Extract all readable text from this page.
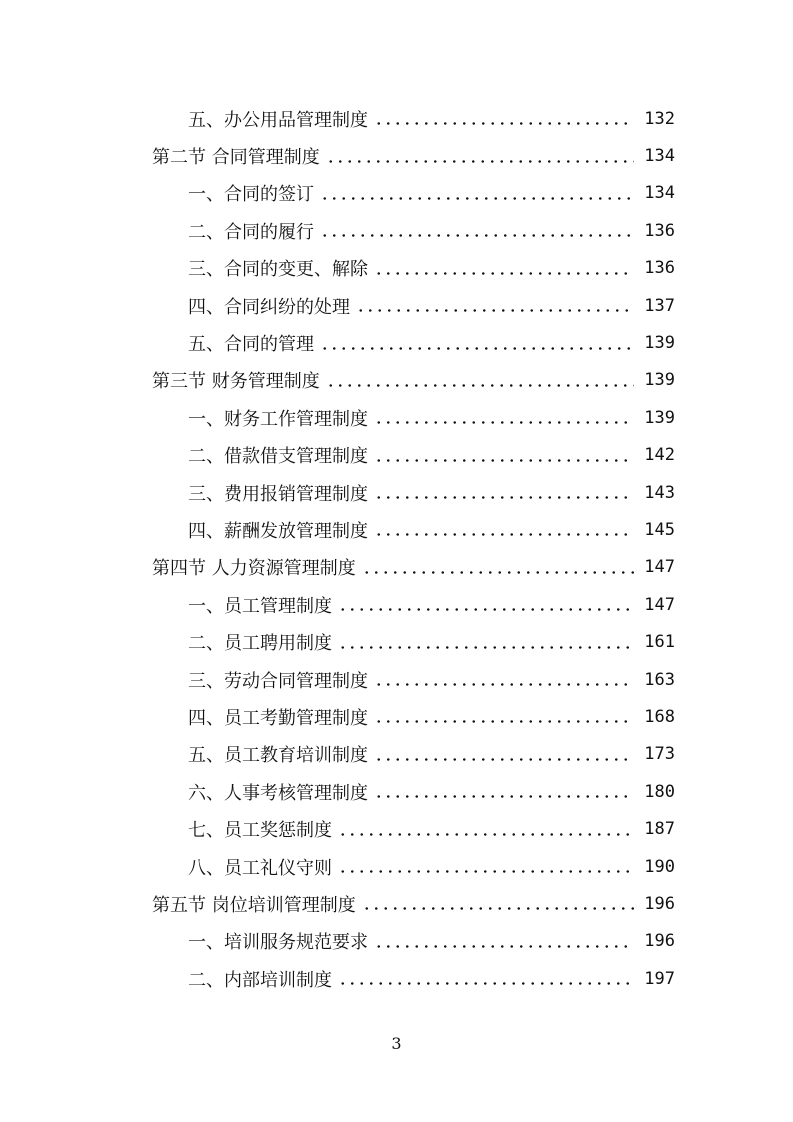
五、办公用品管理制度	132
第二节 合同管理制度	134
一、合同的签订	134
二、合同的履行	136
三、合同的变更、解除	136
四、合同纠纷的处理	137
五、合同的管理	139
第三节 财务管理制度	139
一、财务工作管理制度	139
二、借款借支管理制度	142
三、费用报销管理制度	143
四、薪酬发放管理制度	145
第四节 人力资源管理制度	147
一、员工管理制度	147
二、员工聘用制度	161
三、劳动合同管理制度	163
四、员工考勤管理制度	168
五、员工教育培训制度	173
六、人事考核管理制度	180
七、员工奖惩制度	187
八、员工礼仪守则	190
第五节 岗位培训管理制度	196
一、培训服务规范要求	196
二、内部培训制度	197
3
